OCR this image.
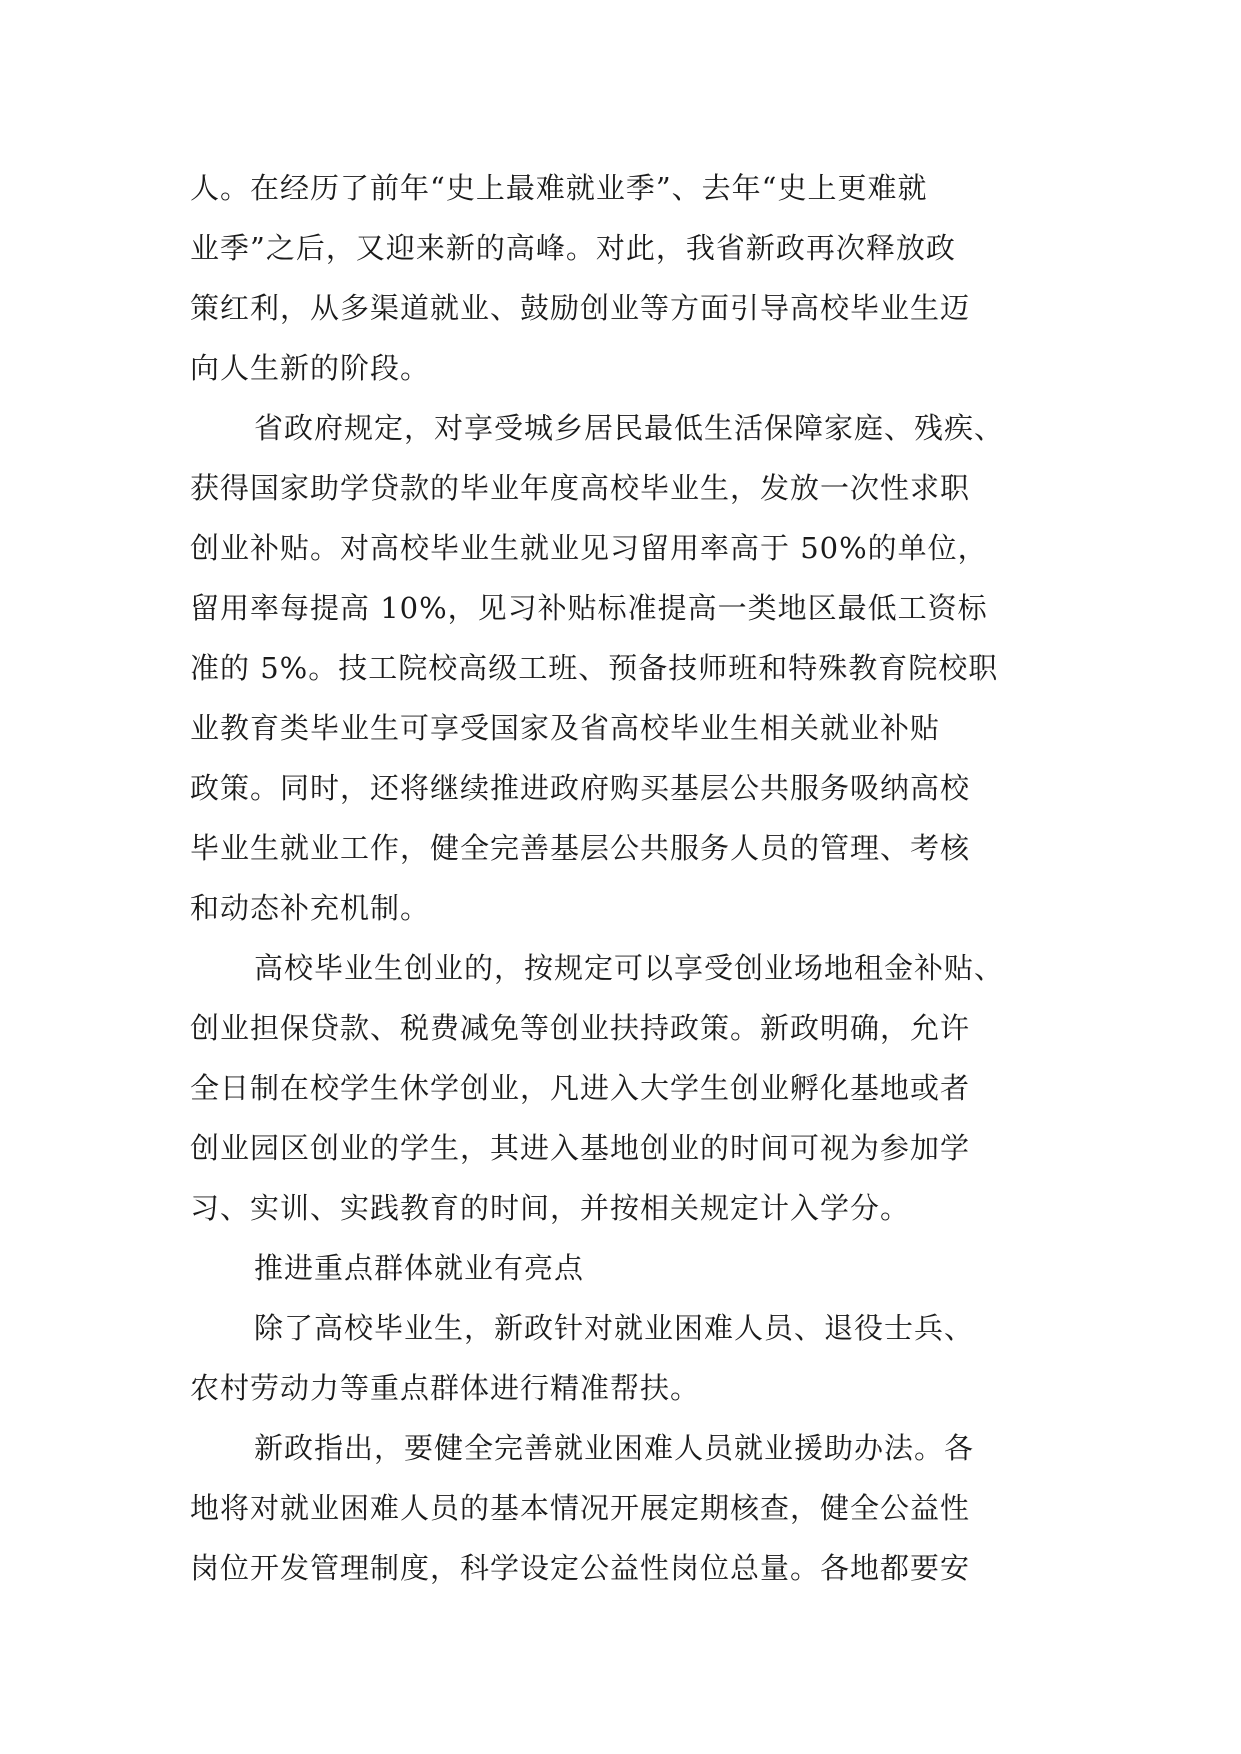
人。在经历了前年“史上最难就业季”、去年“史上更难就
业季”之后，又迎来新的高峰。对此，我省新政再次释放政
策红利，从多渠道就业、鼓励创业等方面引导高校毕业生迈
向人生新的阶段。
省政府规定，对享受城乡居民最低生活保障家庭、残疾、
获得国家助学贷款的毕业年度高校毕业生，发放一次性求职
创业补贴。对高校毕业生就业见习留用率高于 50%的单位，
留用率每提高 10%，见习补贴标准提高一类地区最低工资标
准的 5%。技工院校高级工班、预备技师班和特殊教育院校职
业教育类毕业生可享受国家及省高校毕业生相关就业补贴
政策。同时，还将继续推进政府购买基层公共服务吸纳高校
毕业生就业工作，健全完善基层公共服务人员的管理、考核
和动态补充机制。
高校毕业生创业的，按规定可以享受创业场地租金补贴、
创业担保贷款、税费减免等创业扶持政策。新政明确，允许
全日制在校学生休学创业，凡进入大学生创业孵化基地或者
创业园区创业的学生，其进入基地创业的时间可视为参加学
习、实训、实践教育的时间，并按相关规定计入学分。
推进重点群体就业有亮点
除了高校毕业生，新政针对就业困难人员、退役士兵、
农村劳动力等重点群体进行精准帮扶。
新政指出，要健全完善就业困难人员就业援助办法。各
地将对就业困难人员的基本情况开展定期核查，健全公益性
岗位开发管理制度，科学设定公益性岗位总量。各地都要安
